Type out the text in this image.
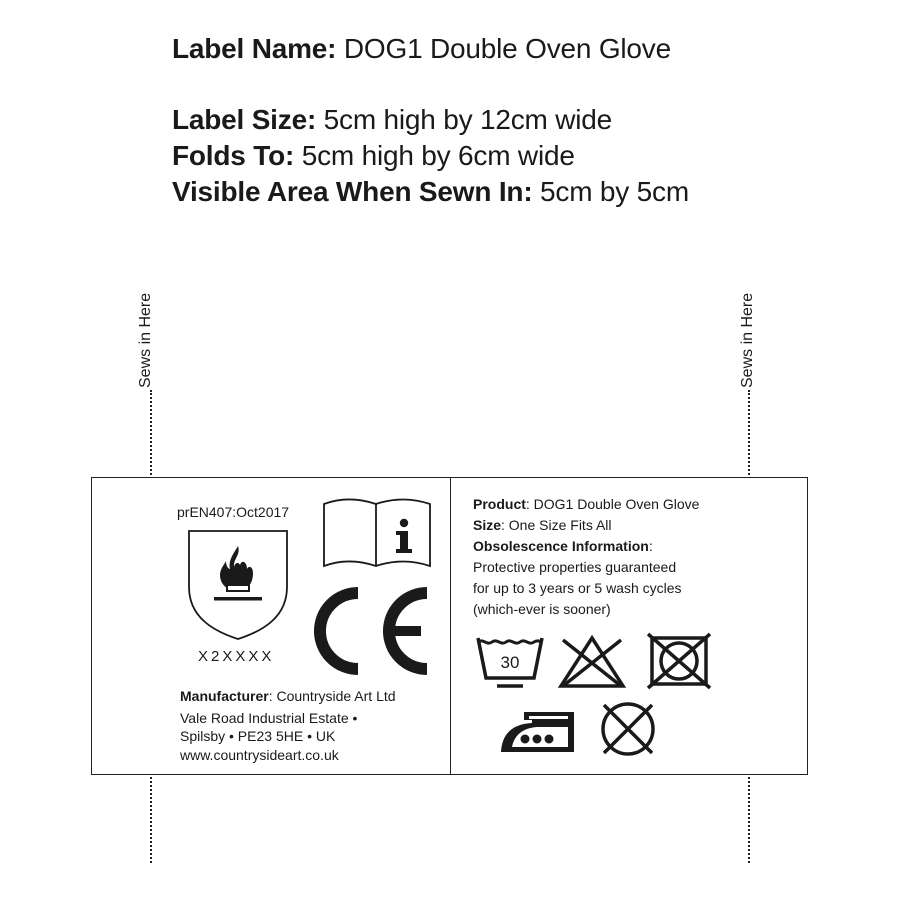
Label Name: DOG1 Double Oven Glove
Label Size: 5cm high by 12cm wide
Folds To: 5cm high by 6cm wide
Visible Area When Sewn In: 5cm by 5cm
Sews in Here	Sews in Here
prEN407:Oct2017
X2XXXX
Manufacturer: Countryside Art Ltd
Vale Road Industrial Estate •
Spilsby • PE23 5HE • UK
www.countrysideart.co.uk
Product: DOG1 Double Oven Glove
Size: One Size Fits All
Obsolescence Information:
Protective properties guaranteed
for up to 3 years or 5 wash cycles
(which-ever is sooner)
30
